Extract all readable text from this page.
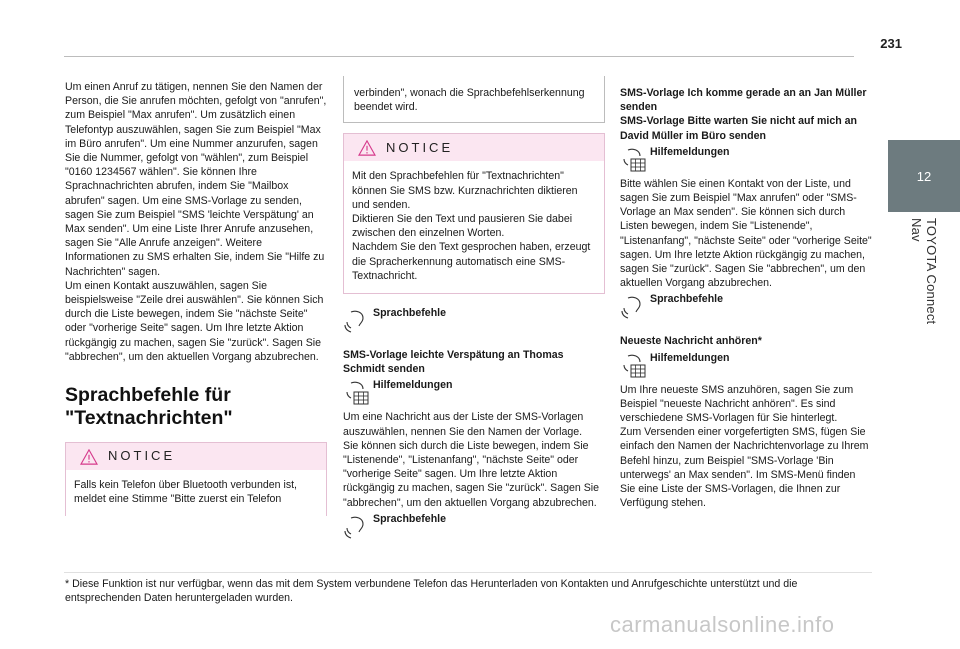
231
12
TOYOTA Connect Nav

Um einen Anruf zu tätigen, nennen Sie den Namen der Person, die Sie anrufen möchten, gefolgt von "anrufen", zum Beispiel "Max anrufen". Um zusätzlich einen Telefontyp auszuwählen, sagen Sie zum Beispiel "Max im Büro anrufen". Um eine Nummer anzurufen, sagen Sie die Nummer, gefolgt von "wählen", zum Beispiel "0160 1234567 wählen". Sie können Ihre Sprachnachrichten abrufen, indem Sie "Mailbox abrufen" sagen. Um eine SMS-Vorlage zu senden, sagen Sie zum Beispiel "SMS 'leichte Verspätung' an Max senden". Um eine Liste Ihrer Anrufe anzusehen, sagen Sie "Alle Anrufe anzeigen". Weitere Informationen zu SMS erhalten Sie, indem Sie "Hilfe zu Nachrichten" sagen.

Um einen Kontakt auszuwählen, sagen Sie beispielsweise "Zeile drei auswählen". Sie können Sich durch die Liste bewegen, indem Sie "nächste Seite" oder "vorherige Seite" sagen. Um Ihre letzte Aktion rückgängig zu machen, sagen Sie "zurück". Sagen Sie "abbrechen", um den aktuellen Vorgang abzubrechen.

Sprachbefehle für "Textnachrichten"
NOTICE

Falls kein Telefon über Bluetooth verbunden ist, meldet eine Stimme "Bitte zuerst ein Telefon

verbinden", wonach die Sprachbefehlserkennung beendet wird.

NOTICE

Mit den Sprachbefehlen für "Textnachrichten" können Sie SMS bzw. Kurznachrichten diktieren und senden.

Diktieren Sie den Text und pausieren Sie dabei zwischen den einzelnen Worten.

Nachdem Sie den Text gesprochen haben, erzeugt die Spracherkennung automatisch eine SMS-Textnachricht.

Sprachbefehle

SMS-Vorlage leichte Verspätung an Thomas Schmidt senden

Hilfemeldungen

Um eine Nachricht aus der Liste der SMS-Vorlagen auszuwählen, nennen Sie den Namen der Vorlage.

Sie können sich durch die Liste bewegen, indem Sie "Listenende", "Listenanfang", "nächste Seite" oder "vorherige Seite" sagen. Um Ihre letzte Aktion rückgängig zu machen, sagen Sie "zurück". Sagen Sie "abbrechen", um den aktuellen Vorgang abzubrechen.

Sprachbefehle

SMS-Vorlage Ich komme gerade an an Jan Müller senden

SMS-Vorlage Bitte warten Sie nicht auf mich an David Müller im Büro senden

Hilfemeldungen

Bitte wählen Sie einen Kontakt von der Liste, und sagen Sie zum Beispiel "Max anrufen" oder "SMS-Vorlage an Max senden". Sie können sich durch Listen bewegen, indem Sie "Listenende", "Listenanfang", "nächste Seite" oder "vorherige Seite" sagen. Um Ihre letzte Aktion rückgängig zu machen, sagen Sie "zurück". Sagen Sie "abbrechen", um den aktuellen Vorgang abzubrechen.

Sprachbefehle

Neueste Nachricht anhören*

Hilfemeldungen

Um Ihre neueste SMS anzuhören, sagen Sie zum Beispiel "neueste Nachricht anhören". Es sind verschiedene SMS-Vorlagen für Sie hinterlegt.

Zum Versenden einer vorgefertigten SMS, fügen Sie einfach den Namen der Nachrichtenvorlage zu Ihrem Befehl hinzu, zum Beispiel "SMS-Vorlage 'Bin unterwegs' an Max senden". Im SMS-Menü finden Sie eine Liste der SMS-Vorlagen, die Ihnen zur Verfügung stehen.

* Diese Funktion ist nur verfügbar, wenn das mit dem System verbundene Telefon das Herunterladen von Kontakten und Anrufgeschichte unterstützt und die entsprechenden Daten heruntergeladen wurden.
carmanualsonline.info
